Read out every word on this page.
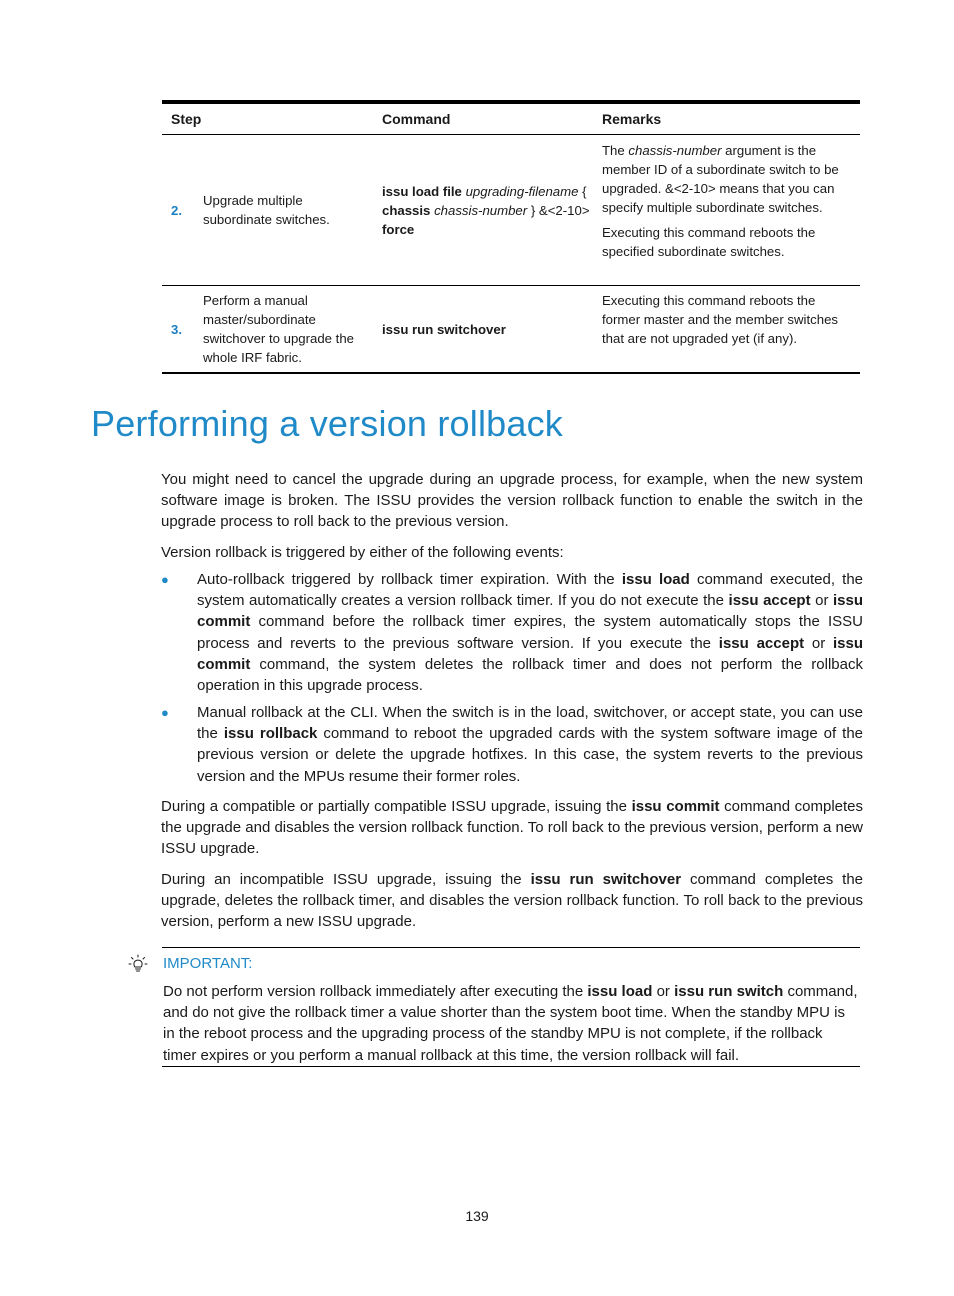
Step	Command	Remarks
2.
Upgrade multiple subordinate switches.
issu load file upgrading-filename { chassis chassis-number } &<2-10> force

The chassis-number argument is the member ID of a subordinate switch to be upgraded. &<2-10> means that you can specify multiple subordinate switches.

Executing this command reboots the specified subordinate switches.

3.
Perform a manual master/subordinate switchover to upgrade the whole IRF fabric.
issu run switchover

Executing this command reboots the former master and the member switches that are not upgraded yet (if any).

Performing a version rollback

You might need to cancel the upgrade during an upgrade process, for example, when the new system software image is broken. The ISSU provides the version rollback function to enable the switch in the upgrade process to roll back to the previous version.

Version rollback is triggered by either of the following events:

● Auto-rollback triggered by rollback timer expiration. With the issu load command executed, the system automatically creates a version rollback timer. If you do not execute the issu accept or issu commit command before the rollback timer expires, the system automatically stops the ISSU process and reverts to the previous software version. If you execute the issu accept or issu commit command, the system deletes the rollback timer and does not perform the rollback operation in this upgrade process.
● Manual rollback at the CLI. When the switch is in the load, switchover, or accept state, you can use the issu rollback command to reboot the upgraded cards with the system software image of the previous version or delete the upgrade hotfixes. In this case, the system reverts to the previous version and the MPUs resume their former roles.

During a compatible or partially compatible ISSU upgrade, issuing the issu commit command completes the upgrade and disables the version rollback function. To roll back to the previous version, perform a new ISSU upgrade.

During an incompatible ISSU upgrade, issuing the issu run switchover command completes the upgrade, deletes the rollback timer, and disables the version rollback function. To roll back to the previous version, perform a new ISSU upgrade.

IMPORTANT:
Do not perform version rollback immediately after executing the issu load or issu run switch command, and do not give the rollback timer a value shorter than the system boot time. When the standby MPU is in the reboot process and the upgrading process of the standby MPU is not complete, if the rollback timer expires or you perform a manual rollback at this time, the version rollback will fail.
139
